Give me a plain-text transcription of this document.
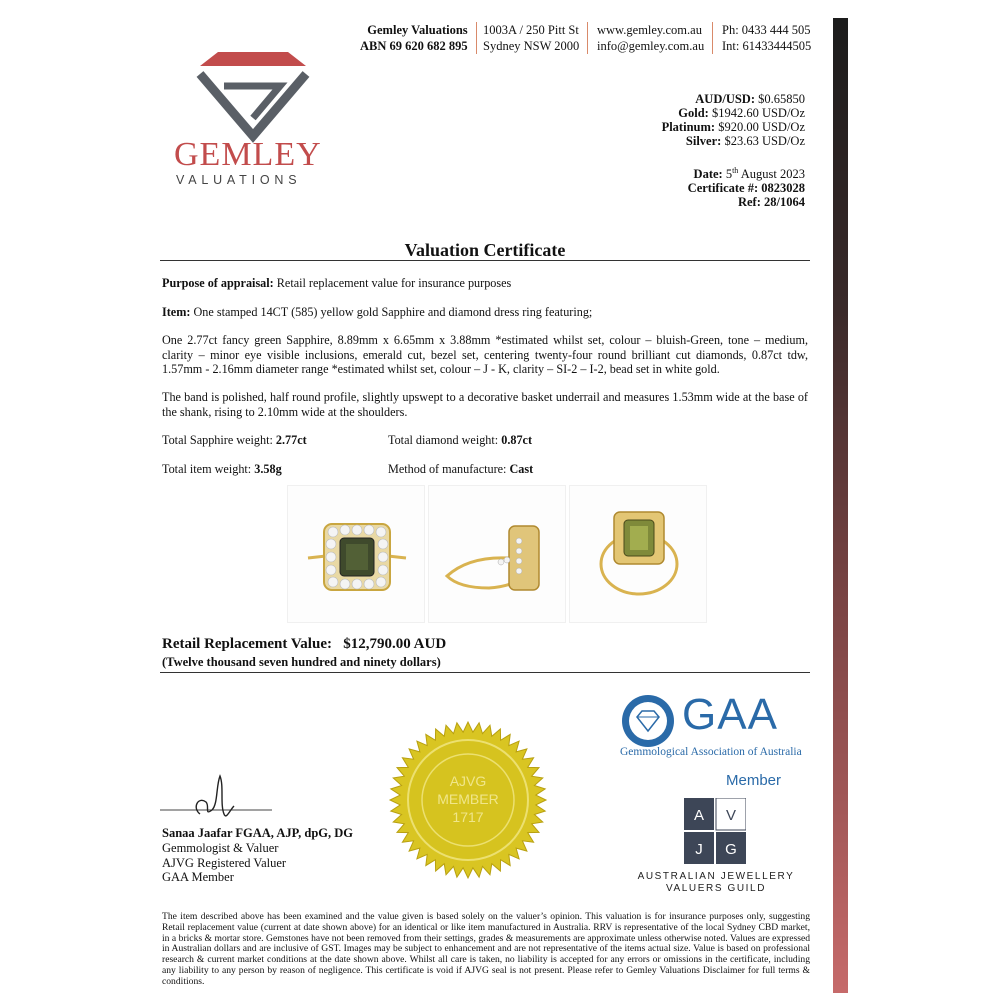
Gemley Valuations
ABN 69 620 682 895
1003A / 250 Pitt St
Sydney NSW 2000
www.gemley.com.au
info@gemley.com.au
Ph: 0433 444 505
Int: 61433444505
GEMLEY
VALUATIONS
AUD/USD: $0.65850
Gold: $1942.60 USD/Oz
Platinum: $920.00 USD/Oz
Silver: $23.63 USD/Oz
Date: 5th August 2023
Certificate #: 0823028
Ref: 28/1064
Valuation Certificate
Purpose of appraisal: Retail replacement value for insurance purposes
Item: One stamped 14CT (585) yellow gold Sapphire and diamond dress ring featuring;
One 2.77ct fancy green Sapphire, 8.89mm x 6.65mm x 3.88mm *estimated whilst set, colour – bluish-Green, tone – medium, clarity – minor eye visible inclusions, emerald cut, bezel set, centering twenty-four round brilliant cut diamonds, 0.87ct tdw, 1.57mm - 2.16mm diameter range *estimated whilst set, colour – J - K, clarity – SI-2 – I-2, bead set in white gold.
The band is polished, half round profile, slightly upswept to a decorative basket underrail and measures 1.53mm wide at the base of the shank, rising to 2.10mm wide at the shoulders.
Total Sapphire weight: 2.77ct	Total diamond weight: 0.87ct
Total item weight: 3.58g	Method of manufacture: Cast
Retail Replacement Value: $12,790.00 AUD
(Twelve thousand seven hundred and ninety dollars)
AJVG
MEMBER
1717
GAA
Gemmological Association of Australia
Member
A V
J G
AUSTRALIAN JEWELLERY
VALUERS GUILD
Sanaa Jaafar FGAA, AJP, dpG, DG
Gemmologist & Valuer
AJVG Registered Valuer
GAA Member
The item described above has been examined and the value given is based solely on the valuer’s opinion. This valuation is for insurance purposes only, suggesting Retail replacement value (current at date shown above) for an identical or like item manufactured in Australia. RRV is representative of the local Sydney CBD market, in a bricks & mortar store. Gemstones have not been removed from their settings, grades & measurements are approximate unless otherwise noted. Values are expressed in Australian dollars and are inclusive of GST. Images may be subject to enhancement and are not representative of the items actual size. Value is based on professional research & current market conditions at the date shown above. Whilst all care is taken, no liability is accepted for any errors or omissions in the certificate, including any liability to any person by reason of negligence. This certificate is void if AJVG seal is not present. Please refer to Gemley Valuations Disclaimer for full terms & conditions.
